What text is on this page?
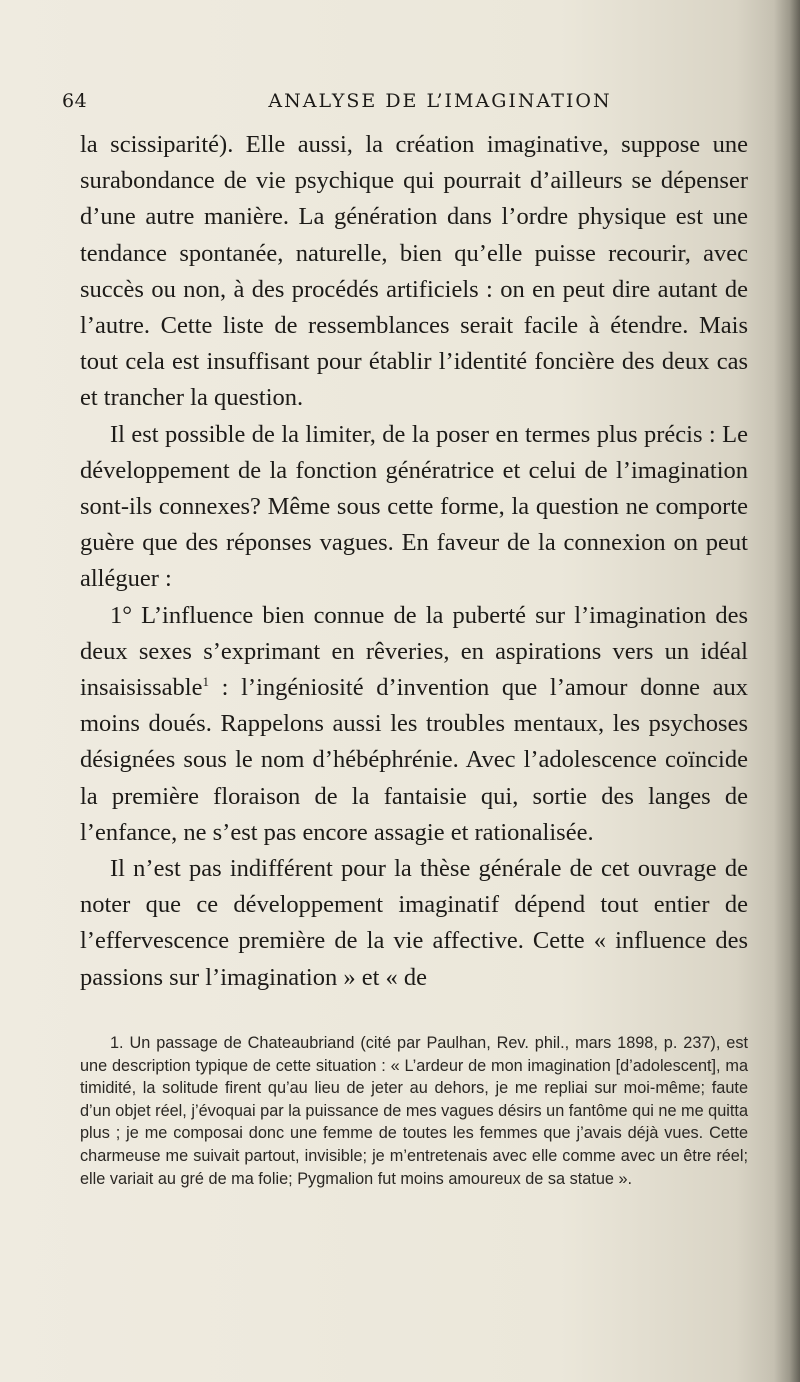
64	ANALYSE DE L’IMAGINATION

la scissiparité). Elle aussi, la création imaginative, suppose une surabondance de vie psychique qui pourrait d’ailleurs se dépenser d’une autre manière. La génération dans l’ordre physique est une tendance spontanée, naturelle, bien qu’elle puisse recourir, avec succès ou non, à des procédés artificiels : on en peut dire autant de l’autre. Cette liste de ressemblances serait facile à étendre. Mais tout cela est insuffisant pour établir l’identité foncière des deux cas et trancher la question.

Il est possible de la limiter, de la poser en termes plus précis : Le développement de la fonction génératrice et celui de l’imagination sont-ils connexes? Même sous cette forme, la question ne comporte guère que des réponses vagues. En faveur de la connexion on peut alléguer :

1° L’influence bien connue de la puberté sur l’imagination des deux sexes s’exprimant en rêveries, en aspirations vers un idéal insaisissable$^1$ : l’ingéniosité d’invention que l’amour donne aux moins doués. Rappelons aussi les troubles mentaux, les psychoses désignées sous le nom d’hébéphrénie. Avec l’adolescence coïncide la première floraison de la fantaisie qui, sortie des langes de l’enfance, ne s’est pas encore assagie et rationalisée.

Il n’est pas indifférent pour la thèse générale de cet ouvrage de noter que ce développement imaginatif dépend tout entier de l’effervescence première de la vie affective. Cette « influence des passions sur l’imagination » et « de

1. Un passage de Chateaubriand (cité par Paulhan, Rev. phil., mars 1898, p. 237), est une description typique de cette situation : « L’ardeur de mon imagination [d’adolescent], ma timidité, la solitude firent qu’au lieu de jeter au dehors, je me repliai sur moi-même; faute d’un objet réel, j’évoquai par la puissance de mes vagues désirs un fantôme qui ne me quitta plus ; je me composai donc une femme de toutes les femmes que j’avais déjà vues. Cette charmeuse me suivait partout, invisible; je m’entretenais avec elle comme avec un être réel; elle variait au gré de ma folie; Pygmalion fut moins amoureux de sa statue ».
